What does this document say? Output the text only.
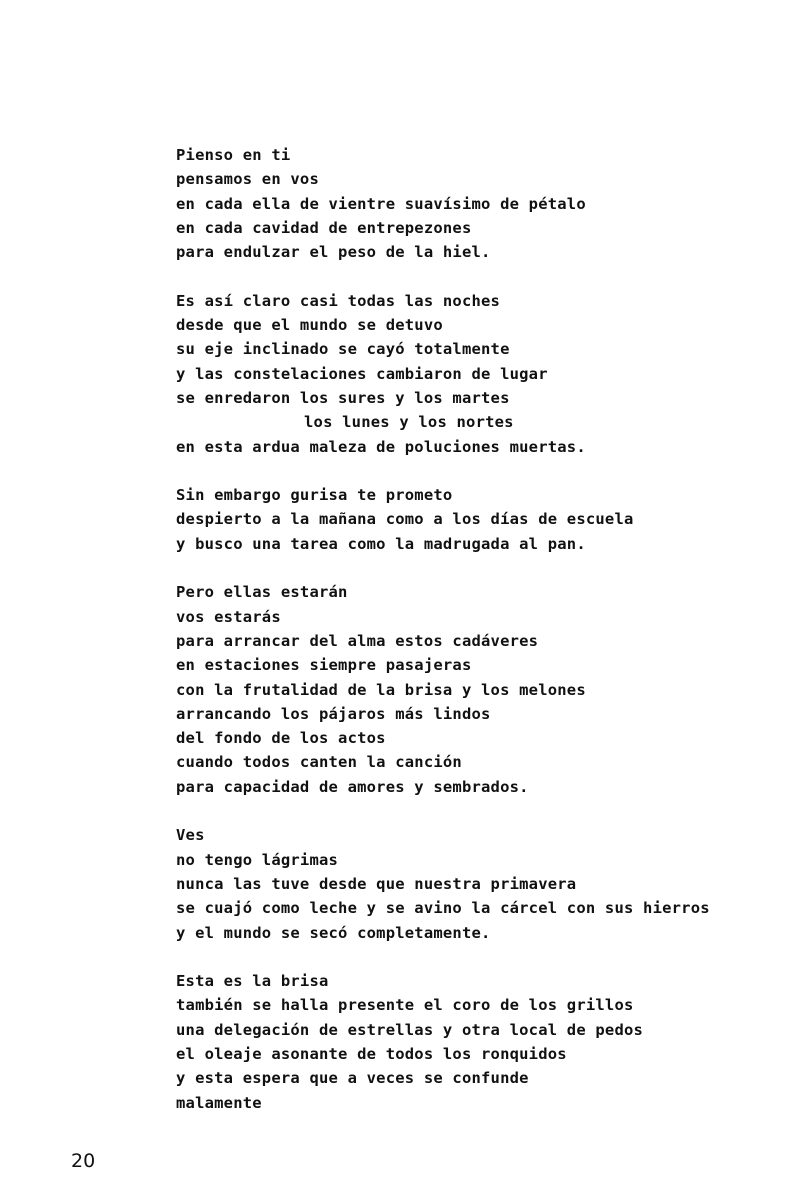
Pienso en ti
pensamos en vos
en cada ella de vientre suavísimo de pétalo
en cada cavidad de entrepezones
para endulzar el peso de la hiel.
Es así claro casi todas las noches
desde que el mundo se detuvo
su eje inclinado se cayó totalmente
y las constelaciones cambiaron de lugar
se enredaron los sures y los martes
los lunes y los nortes
en esta ardua maleza de poluciones muertas.
Sin embargo gurisa te prometo
despierto a la mañana como a los días de escuela
y busco una tarea como la madrugada al pan.
Pero ellas estarán
vos estarás
para arrancar del alma estos cadáveres
en estaciones siempre pasajeras
con la frutalidad de la brisa y los melones
arrancando los pájaros más lindos
del fondo de los actos
cuando todos canten la canción
para capacidad de amores y sembrados.
Ves
no tengo lágrimas
nunca las tuve desde que nuestra primavera
se cuajó como leche y se avino la cárcel con sus hierros
y el mundo se secó completamente.
Esta es la brisa
también se halla presente el coro de los grillos
una delegación de estrellas y otra local de pedos
el oleaje asonante de todos los ronquidos
y esta espera que a veces se confunde
malamente
20
